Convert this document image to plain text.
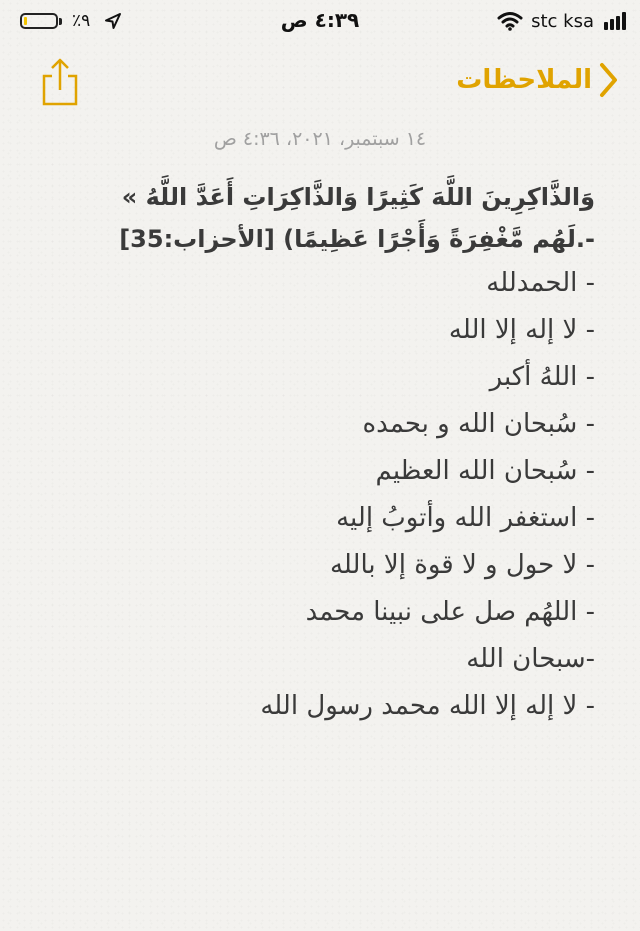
٪٩	٤:٣٩ ص	stc ksa
الملاحظات
١٤ سبتمبر، ٢٠٢١، ٤:٣٦ ص
وَالذَّاكِرِينَ اللَّهَ كَثِيرًا وَالذَّاكِرَاتِ أَعَدَّ اللَّهُ »
-.لَهُم مَّغْفِرَةً وَأَجْرًا عَظِيمًا) [الأحزاب:35]
- الحمدلله
- لا إله إلا الله
- اللهُ أكبر
- سُبحان الله و بحمده
- سُبحان الله العظيم
- استغفر الله وأتوبُ إليه
- لا حول و لا قوة إلا بالله
- اللهُم صل على نبينا محمد
-سبحان الله
- لا إله إلا الله محمد رسول الله
